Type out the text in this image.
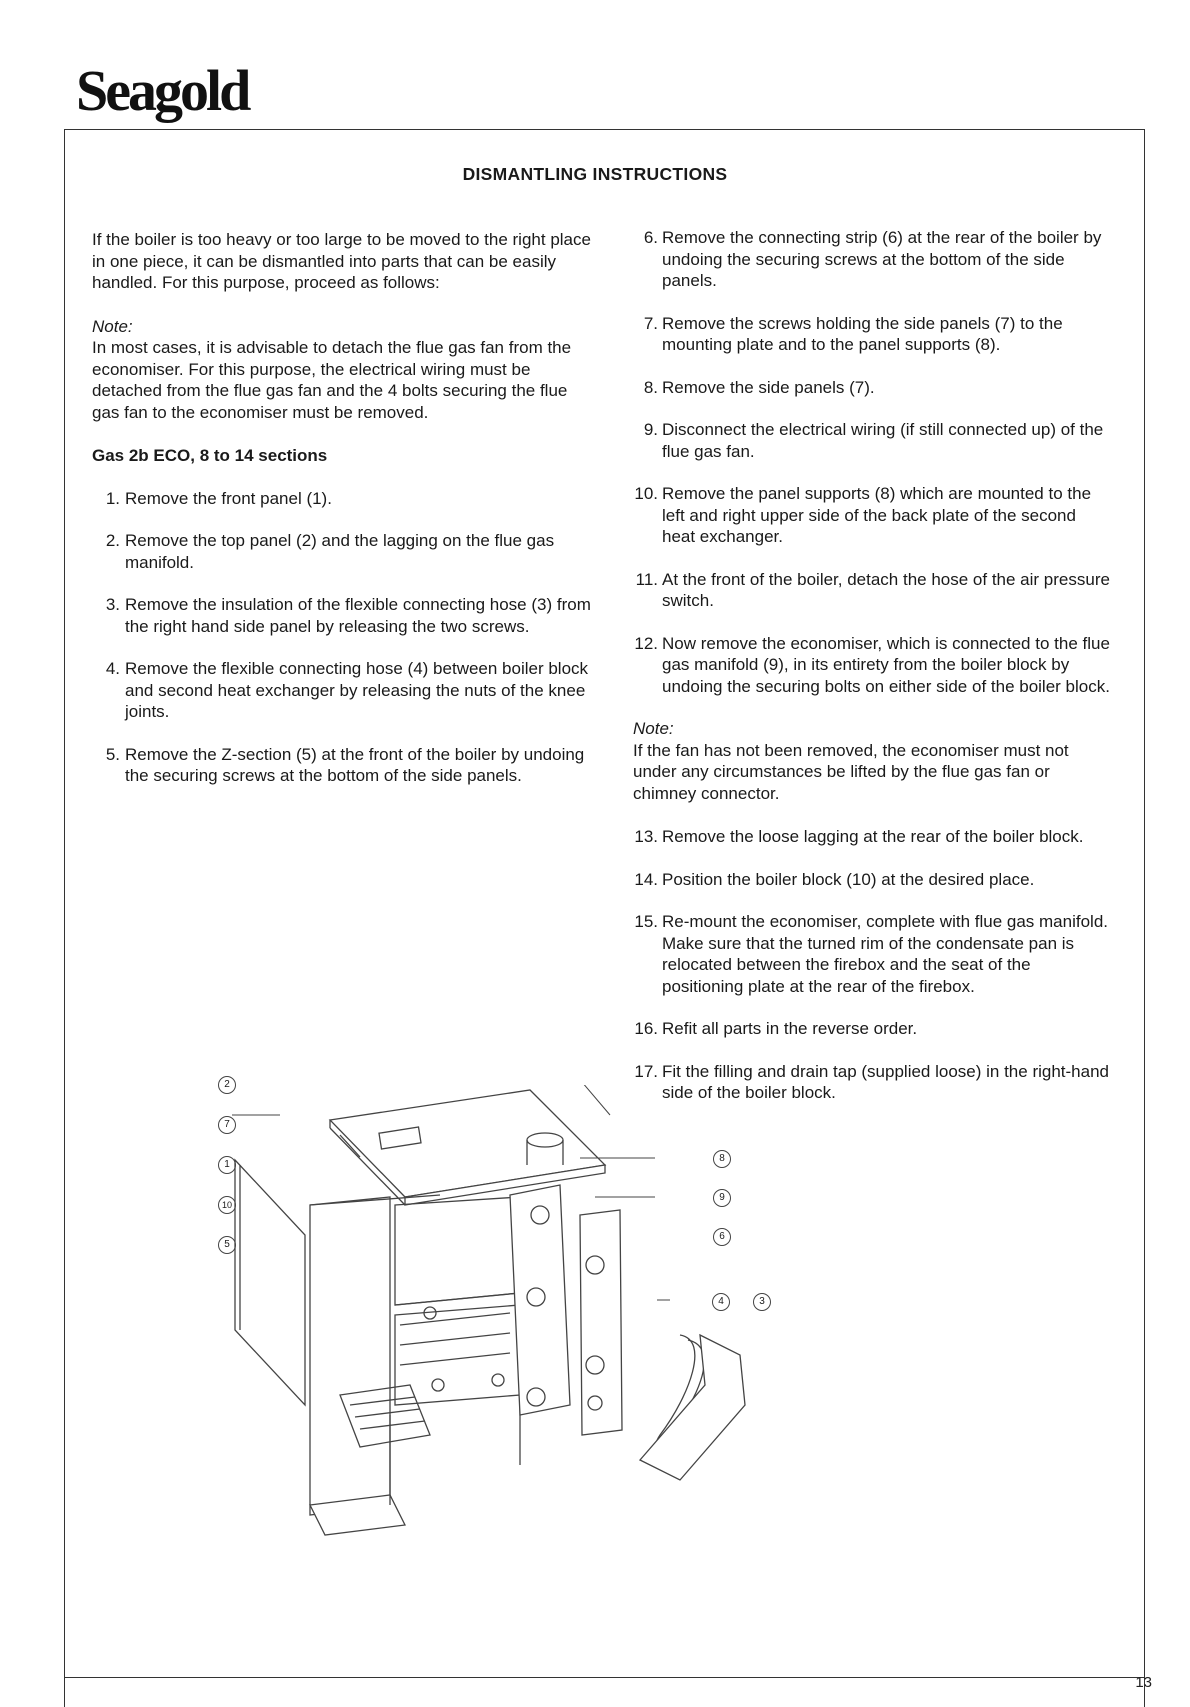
Seagold
13
DISMANTLING INSTRUCTIONS

If the boiler is too heavy or too large to be moved to the right place in one piece, it can be dismantled into parts that can be easily handled. For this purpose, proceed as follows:

Note:

In most cases, it is advisable to detach the flue gas fan from the economiser. For this purpose, the electrical wiring must be detached from the flue gas fan and the 4 bolts securing the flue gas fan to the economiser must be removed.

Gas 2b ECO, 8 to 14 sections

1. Remove the front panel (1).
2. Remove the top panel (2) and the lagging on the flue gas manifold.
3. Remove the insulation of the flexible connecting hose (3) from the right hand side panel by releasing the two screws.
4. Remove the flexible connecting hose (4) between boiler block and second heat exchanger by releasing the nuts of the knee joints.
5. Remove the Z-section (5) at the front of the boiler by undoing the securing screws at the bottom of the side panels.
6. Remove the connecting strip (6) at the rear of the boiler by undoing the securing screws at the bottom of the side panels.
7. Remove the screws holding the side panels (7) to the mounting plate and to the panel supports (8).
8. Remove the side panels (7).
9. Disconnect the electrical wiring (if still connected up) of the flue gas fan.
10. Remove the panel supports (8) which are mounted to the left and right upper side of the back plate of the second heat exchanger.
11. At the front of the boiler, detach the hose of the air pressure switch.
12. Now remove the economiser, which is connected to the flue gas manifold (9), in its entirety from the boiler block by undoing the securing bolts on either side of the boiler block.

Note:

If the fan has not been removed, the economiser must not under any circumstances be lifted by the flue gas fan or chimney connector.

13. Remove the loose lagging at the rear of the boiler block.
14. Position the boiler block (10) at the desired place.
15. Re-mount the economiser, complete with flue gas manifold. Make sure that the turned rim of the condensate pan is relocated between the firebox and the seat of the positioning plate at the rear of the firebox.
16. Refit all parts in the reverse order.
17. Fit the filling and drain tap (supplied loose) in the right-hand side of the boiler block.
2
7
1
10
5
8
9
6
4	3
